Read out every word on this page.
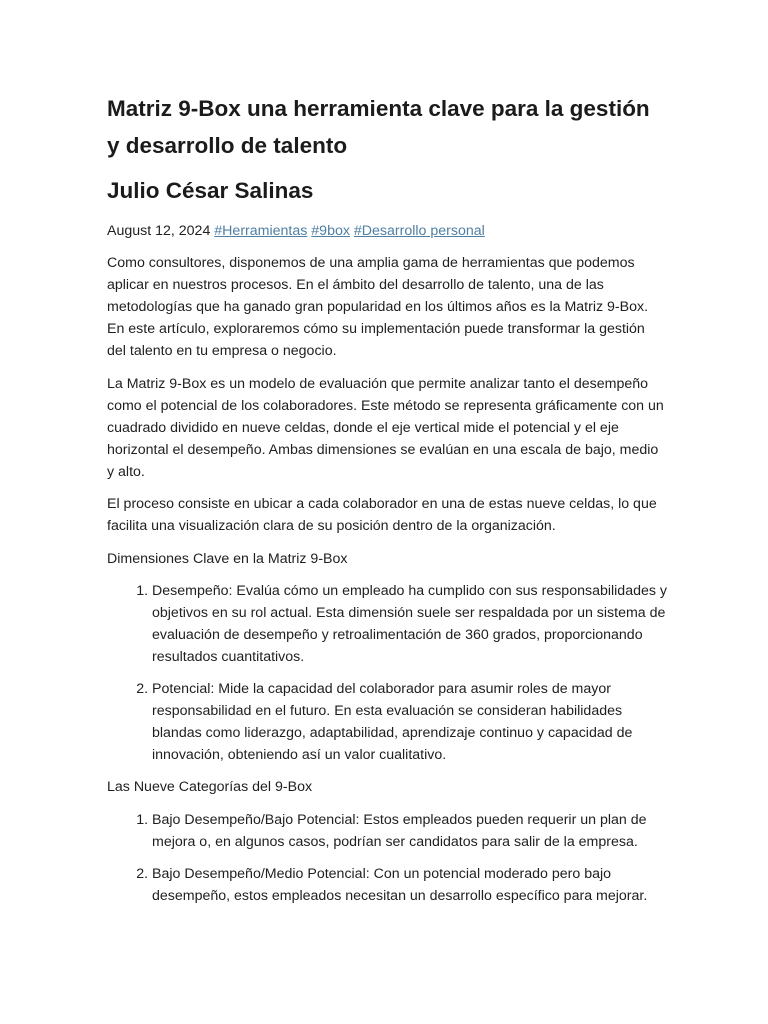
Matriz 9-Box una herramienta clave para la gestión y desarrollo de talento
Julio César Salinas
August 12, 2024 #Herramientas #9box #Desarrollo personal

Como consultores, disponemos de una amplia gama de herramientas que podemos aplicar en nuestros procesos. En el ámbito del desarrollo de talento, una de las metodologías que ha ganado gran popularidad en los últimos años es la Matriz 9-Box. En este artículo, exploraremos cómo su implementación puede transformar la gestión del talento en tu empresa o negocio.

La Matriz 9-Box es un modelo de evaluación que permite analizar tanto el desempeño como el potencial de los colaboradores. Este método se representa gráficamente con un cuadrado dividido en nueve celdas, donde el eje vertical mide el potencial y el eje horizontal el desempeño. Ambas dimensiones se evalúan en una escala de bajo, medio y alto.

El proceso consiste en ubicar a cada colaborador en una de estas nueve celdas, lo que facilita una visualización clara de su posición dentro de la organización.

Dimensiones Clave en la Matriz 9-Box

1. Desempeño: Evalúa cómo un empleado ha cumplido con sus responsabilidades y objetivos en su rol actual. Esta dimensión suele ser respaldada por un sistema de evaluación de desempeño y retroalimentación de 360 grados, proporcionando resultados cuantitativos.
2. Potencial: Mide la capacidad del colaborador para asumir roles de mayor responsabilidad en el futuro. En esta evaluación se consideran habilidades blandas como liderazgo, adaptabilidad, aprendizaje continuo y capacidad de innovación, obteniendo así un valor cualitativo.

Las Nueve Categorías del 9-Box

1. Bajo Desempeño/Bajo Potencial: Estos empleados pueden requerir un plan de mejora o, en algunos casos, podrían ser candidatos para salir de la empresa.
2. Bajo Desempeño/Medio Potencial: Con un potencial moderado pero bajo desempeño, estos empleados necesitan un desarrollo específico para mejorar.
